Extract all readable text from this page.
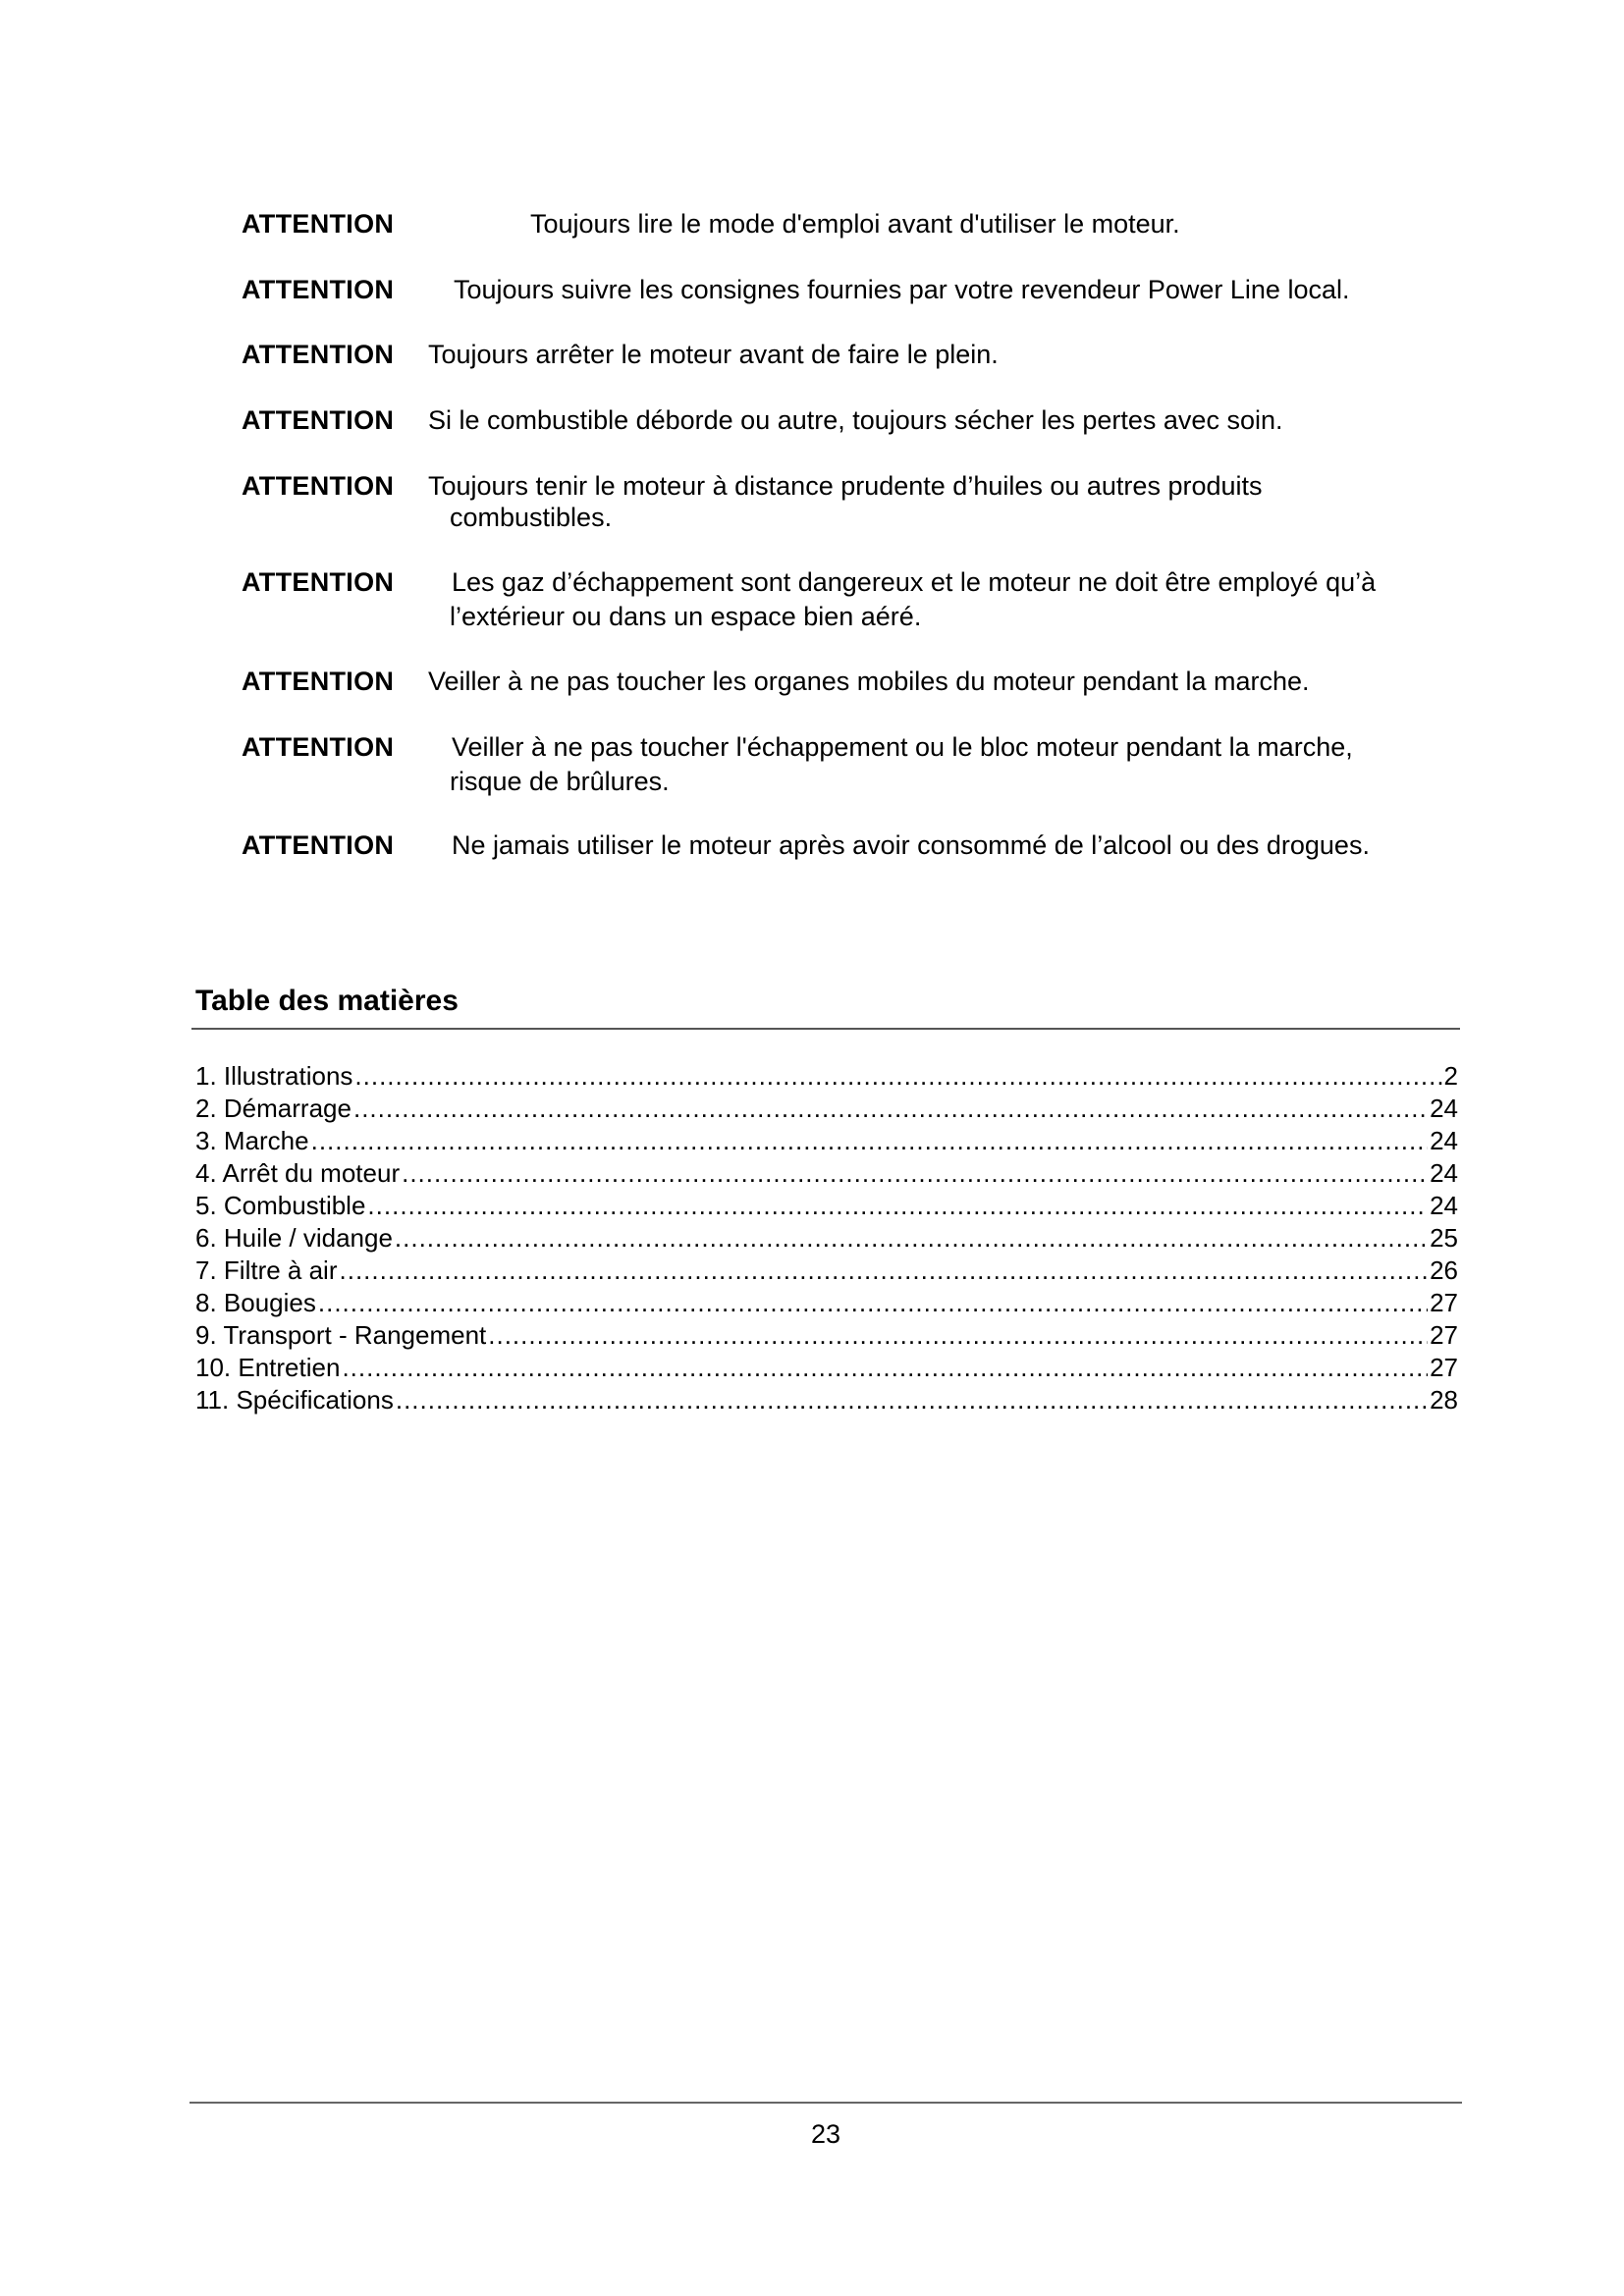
ATTENTION	Toujours lire le mode d'emploi avant d'utiliser le moteur.
ATTENTION Toujours suivre les consignes fournies par votre revendeur Power Line local.
ATTENTION Toujours arrêter le moteur avant de faire le plein.
ATTENTION Si le combustible déborde ou autre, toujours sécher les pertes avec soin.
ATTENTION Toujours tenir le moteur à distance prudente d’huiles ou autres produits
combustibles.
ATTENTION Les gaz d’échappement sont dangereux et le moteur ne doit être employé qu’à
l’extérieur ou dans un espace bien aéré.
ATTENTION Veiller à ne pas toucher les organes mobiles du moteur pendant la marche.
ATTENTION Veiller à ne pas toucher l'échappement ou le bloc moteur pendant la marche,
risque de brûlures.
ATTENTION Ne jamais utiliser le moteur après avoir consommé de l’alcool ou des drogues.
Table des matières
1. Illustrations .....	2
2. Démarrage .....	24
3. Marche .....	24
4. Arrêt du moteur .....	24
5. Combustible .....	24
6. Huile / vidange .....	25
7. Filtre à air .....	26
8. Bougies .....	27
9. Transport - Rangement .....	27
10. Entretien .....	27
11. Spécifications .....	28
23
